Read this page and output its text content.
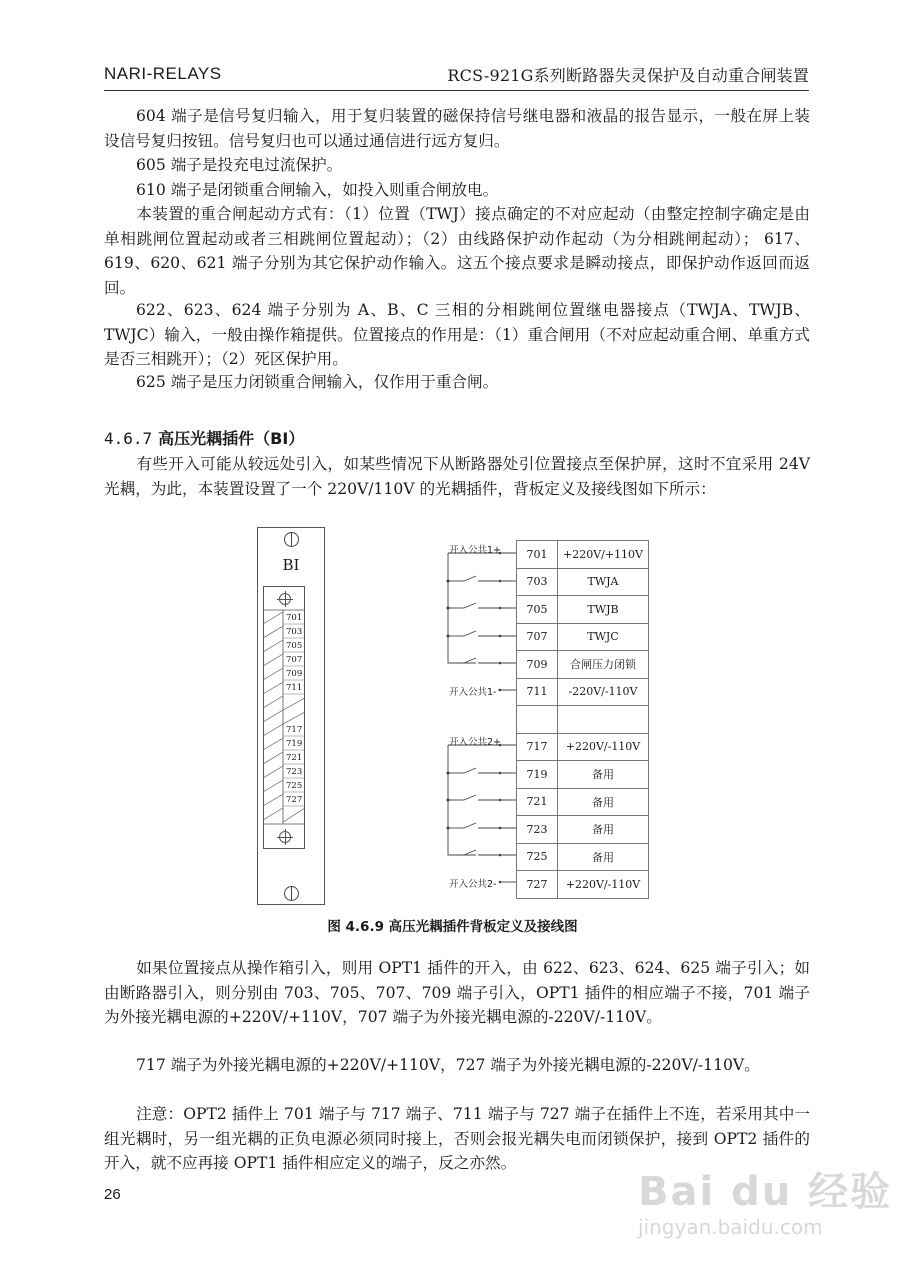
NARI-RELAYS	RCS-921G系列断路器失灵保护及自动重合闸装置
604 端子是信号复归输入，用于复归装置的磁保持信号继电器和液晶的报告显示，一般在屏上装设信号复归按钮。信号复归也可以通过通信进行远方复归。
605 端子是投充电过流保护。
610 端子是闭锁重合闸输入，如投入则重合闸放电。
本装置的重合闸起动方式有：（1）位置（TWJ）接点确定的不对应起动（由整定控制字确定是由单相跳闸位置起动或者三相跳闸位置起动）；（2）由线路保护动作起动（为分相跳闸起动）； 617、619、620、621 端子分别为其它保护动作输入。这五个接点要求是瞬动接点，即保护动作返回而返回。
622、623、624 端子分别为 A、B、C 三相的分相跳闸位置继电器接点（TWJA、TWJB、TWJC）输入，一般由操作箱提供。位置接点的作用是：（1）重合闸用（不对应起动重合闸、单重方式是否三相跳开）；（2）死区保护用。
625 端子是压力闭锁重合闸输入，仅作用于重合闸。
4.6.7 高压光耦插件（BI）
有些开入可能从较远处引入，如某些情况下从断路器处引位置接点至保护屏，这时不宜采用 24V 光耦，为此，本装置设置了一个 220V/110V 的光耦插件，背板定义及接线图如下所示：
BI
701
703
705
707
709
711
717
719
721
723
725
727
开入公共1+
开入公共1-
开入公共2+
开入公共2-
701	+220V/+110V
703	TWJA
705	TWJB
707	TWJC
709	合闸压力闭锁
711	-220V/-110V

717	+220V/-110V
719	备用
721	备用
723	备用
725	备用
727	+220V/-110V
图 4.6.9 高压光耦插件背板定义及接线图
如果位置接点从操作箱引入，则用 OPT1 插件的开入，由 622、623、624、625 端子引入；如由断路器引入，则分别由 703、705、707、709 端子引入，OPT1 插件的相应端子不接，701 端子为外接光耦电源的+220V/+110V，707 端子为外接光耦电源的-220V/-110V。
717 端子为外接光耦电源的+220V/+110V，727 端子为外接光耦电源的-220V/-110V。
注意：OPT2 插件上 701 端子与 717 端子、711 端子与 727 端子在插件上不连，若采用其中一组光耦时，另一组光耦的正负电源必须同时接上，否则会报光耦失电而闭锁保护，接到 OPT2 插件的开入，就不应再接 OPT1 插件相应定义的端子，反之亦然。
26	Bai du 经验
jingyan.baidu.com
